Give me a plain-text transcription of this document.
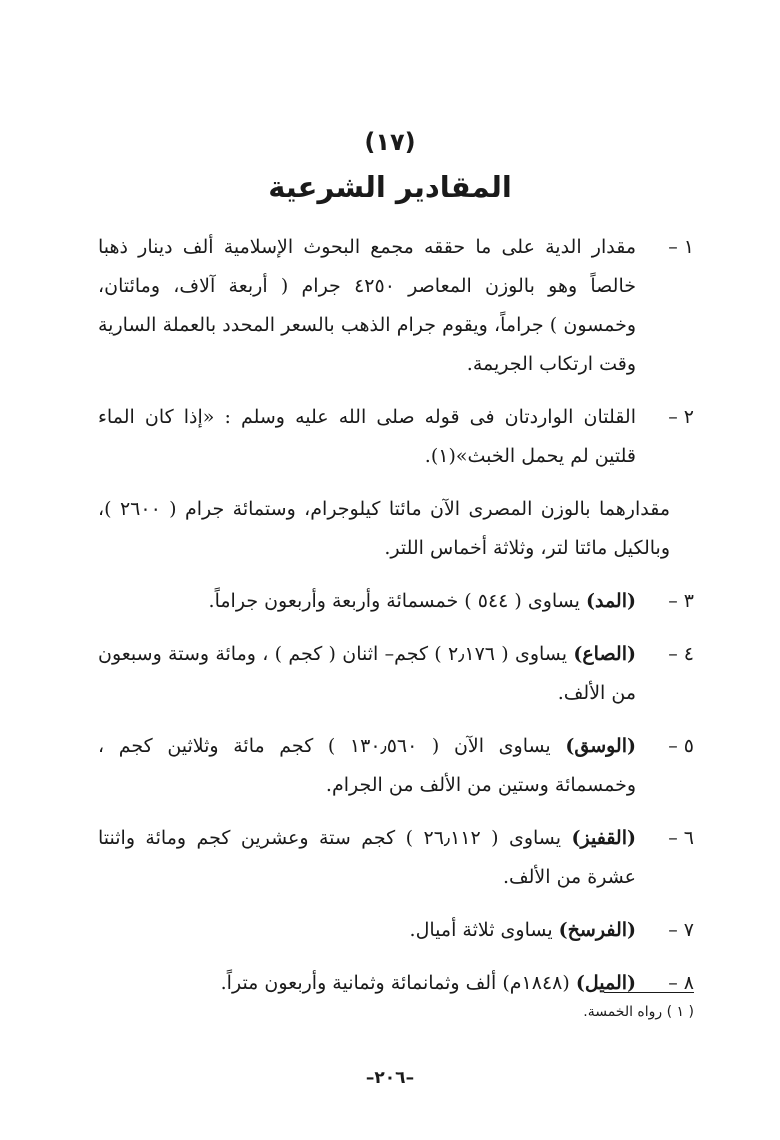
(١٧)
المقادير الشرعية
١ –
مقدار الدية على ما حققه مجمع البحوث الإسلامية ألف دينار ذهبا خالصاً وهو بالوزن المعاصر ٤٢٥٠ جرام ( أربعة آلاف، ومائتان، وخمسون ) جراماً، ويقوم جرام الذهب بالسعر المحدد بالعملة السارية وقت ارتكاب الجريمة.
٢ –
القلتان الواردتان فى قوله صلى الله عليه وسلم : «إذا كان الماء قلتين لم يحمل الخبث»(١).
مقدارهما بالوزن المصرى الآن مائتا كيلوجرام، وستمائة جرام ( ٢٦٠٠ )، وبالكيل مائتا لتر، وثلاثة أخماس اللتر.
٣ –
(المد) يساوى ( ٥٤٤ ) خمسمائة وأربعة وأربعون جراماً.
٤ –
(الصاع) يساوى ( ٢٫١٧٦ ) كجم– اثنان ( كجم ) ، ومائة وستة وسبعون من الألف.
٥ –
(الوسق) يساوى الآن ( ١٣٠٫٥٦٠ ) كجم مائة وثلاثين كجم ، وخمسمائة وستين من الألف من الجرام.
٦ –
(القفيز) يساوى ( ٢٦٫١١٢ ) كجم ستة وعشرين كجم ومائة واثنتا عشرة من الألف.
٧ –
(الفرسخ) يساوى ثلاثة أميال.
٨ –
(الميل) (١٨٤٨م) ألف وثمانمائة وثمانية وأربعون متراً.
( ١ ) رواه الخمسة.
–٢٠٦–
